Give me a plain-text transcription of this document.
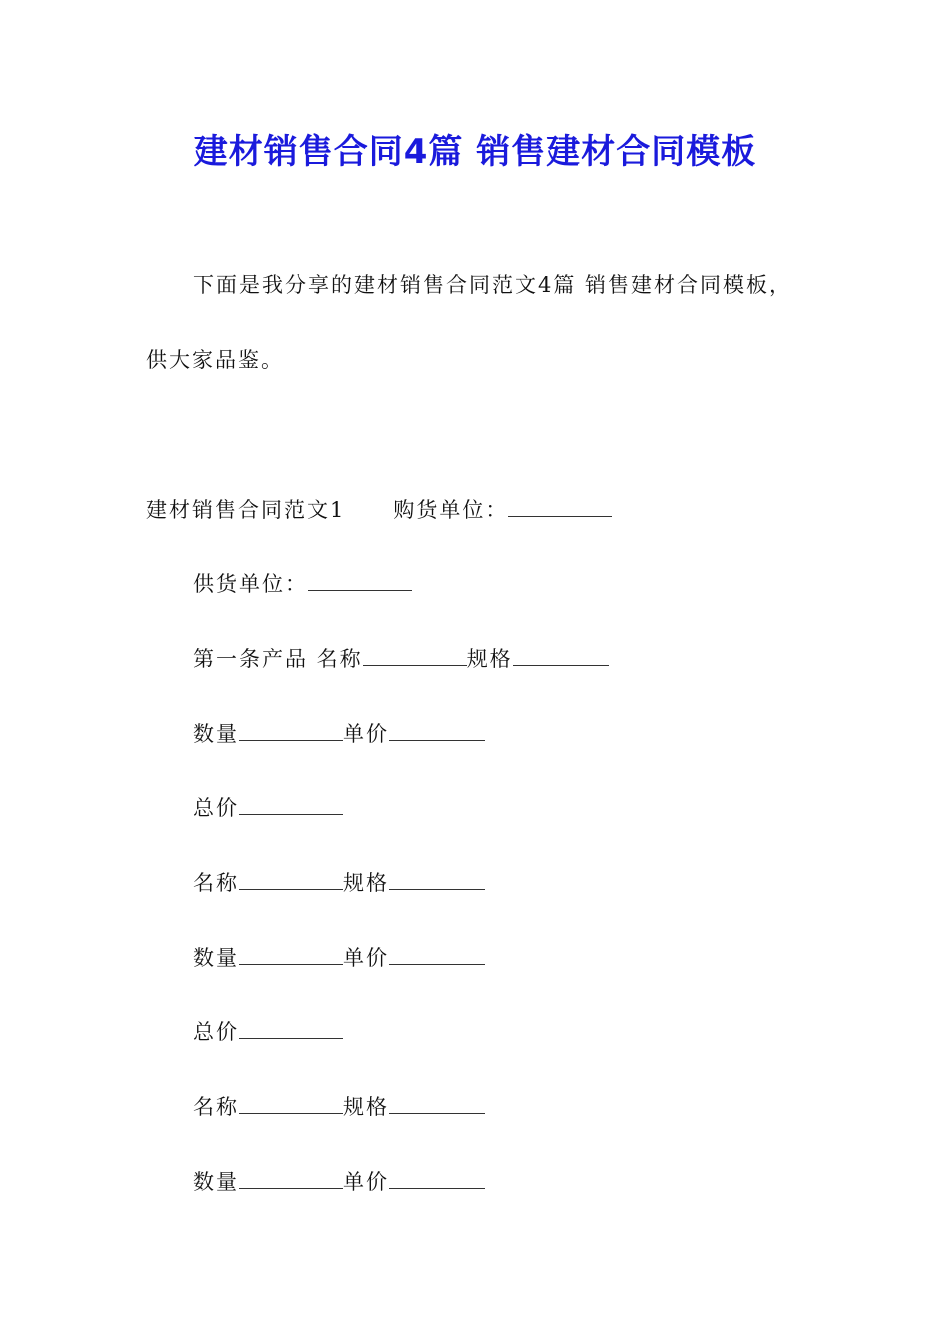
建材销售合同4篇 销售建材合同模板
下面是我分享的建材销售合同范文4篇 销售建材合同模板，
供大家品鉴。
建材销售合同范文1 购货单位：
供货单位：
第一条产品 名称	规格
数量	单价
总价
名称	规格
数量	单价
总价
名称	规格
数量	单价
